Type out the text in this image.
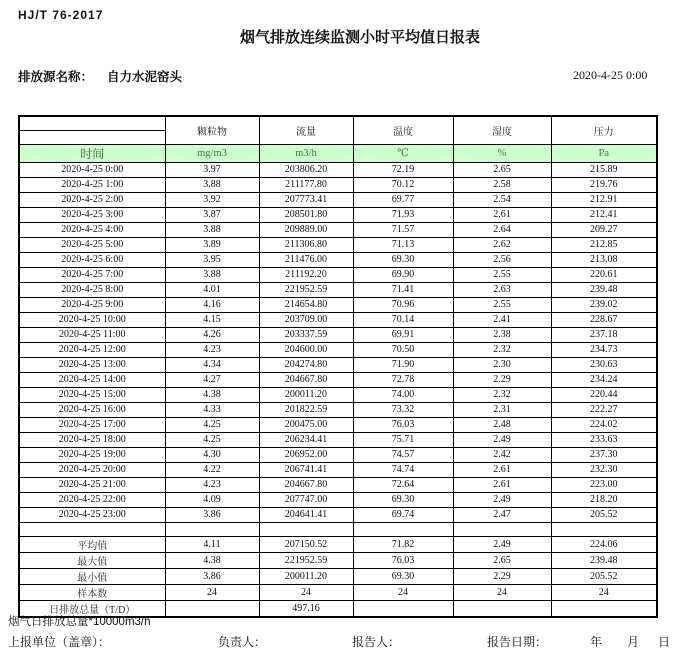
HJ/T 76-2017
烟气排放连续监测小时平均值日报表
排放源名称： 自力水泥窑头	2020-4-25 0:00
	颗粒物	流量	温度	湿度	压力

时间	mg/m3	m3/h	℃	%	Pa
2020-4-25 0:00	3.97	203806.20	72.19	2.65	215.89
2020-4-25 1:00	3.88	211177.80	70.12	2.58	219.76
2020-4-25 2:00	3.92	207773.41	69.77	2.54	212.91
2020-4-25 3:00	3.87	208501.80	71.93	2.61	212.41
2020-4-25 4:00	3.88	209889.00	71.57	2.64	209.27
2020-4-25 5:00	3.89	211306.80	71.13	2.62	212.85
2020-4-25 6:00	3.95	211476.00	69.30	2.56	213.08
2020-4-25 7:00	3.88	211192.20	69.90	2.55	220.61
2020-4-25 8:00	4.01	221952.59	71.41	2.63	239.48
2020-4-25 9:00	4.16	214654.80	70.96	2.55	239.02
2020-4-25 10:00	4.15	203709.00	70.14	2.41	228.67
2020-4-25 11:00	4.26	203337.59	69.91	2.38	237.18
2020-4-25 12:00	4.23	204600.00	70.50	2.32	234.73
2020-4-25 13:00	4.34	204274.80	71.90	2.30	230.63
2020-4-25 14:00	4.27	204667.80	72.78	2.29	234.24
2020-4-25 15:00	4.38	200011.20	74.00	2.32	220.44
2020-4-25 16:00	4.33	201822.59	73.32	2.31	222.27
2020-4-25 17:00	4.25	200475.00	76.03	2.48	224.02
2020-4-25 18:00	4.25	206234.41	75.71	2.49	233.63
2020-4-25 19:00	4.30	206952.00	74.57	2.42	237.30
2020-4-25 20:00	4.22	206741.41	74.74	2.61	232.30
2020-4-25 21:00	4.23	204667.80	72.64	2.61	223.00
2020-4-25 22:00	4.09	207747.00	69.30	2.49	218.20
2020-4-25 23:00	3.86	204641.41	69.74	2.47	205.52

平均值	4.11	207150.52	71.82	2.49	224.06
最大值	4.38	221952.59	76.03	2.65	239.48
最小值	3.86	200011.20	69.30	2.29	205.52
样本数	24	24	24	24	24
日排放总量（T/D）		497.16			
烟气日排放总量*10000m3/h
上报单位（盖章）：	负责人：	报告人：	报告日期：	年 月 日
